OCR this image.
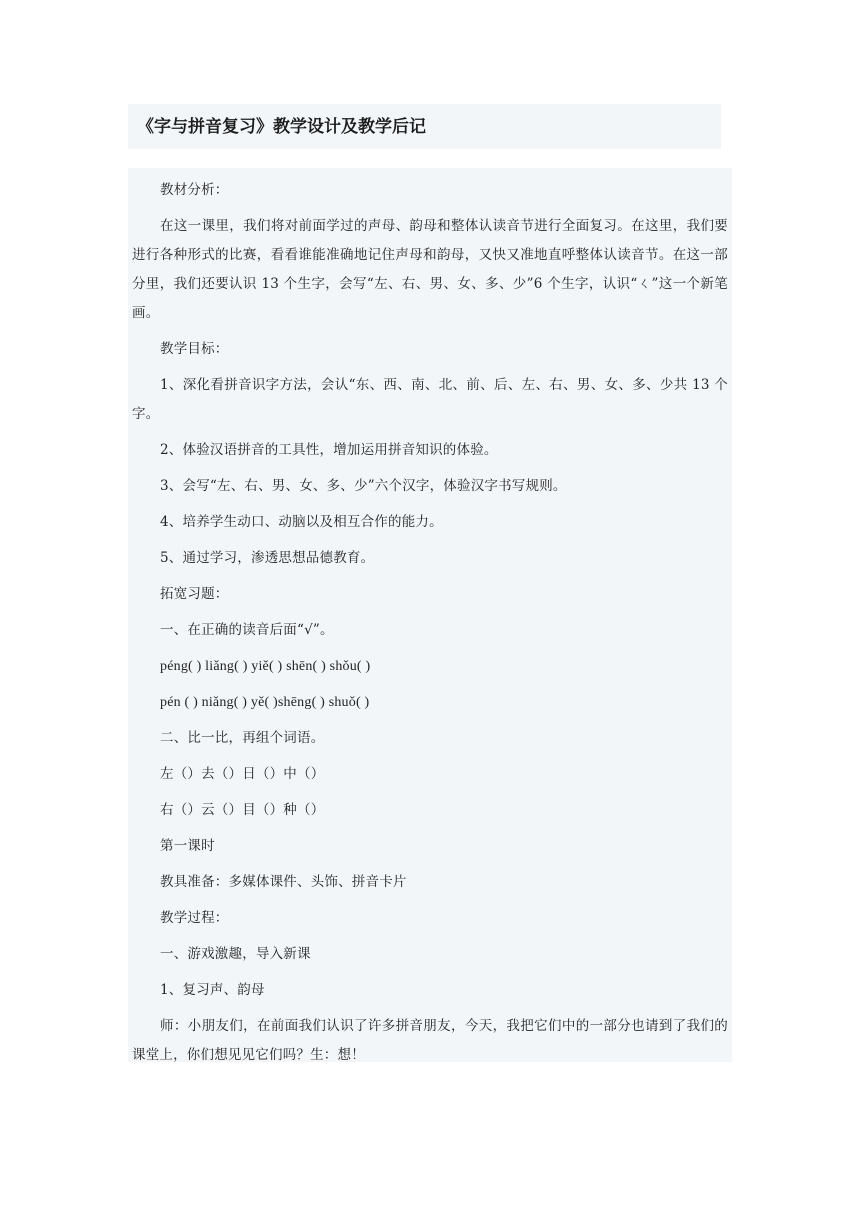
《字与拼音复习》教学设计及教学后记

教材分析：

在这一课里，我们将对前面学过的声母、韵母和整体认读音节进行全面复习。在这里，我们要进行各种形式的比赛，看看谁能准确地记住声母和韵母，又快又准地直呼整体认读音节。在这一部分里，我们还要认识 13 个生字，会写“左、右、男、女、多、少”6 个生字，认识“ㄑ”这一个新笔画。

教学目标：

1、深化看拼音识字方法，会认“东、西、南、北、前、后、左、右、男、女、多、少共 13 个字。

2、体验汉语拼音的工具性，增加运用拼音知识的体验。

3、会写“左、右、男、女、多、少”六个汉字，体验汉字书写规则。

4、培养学生动口、动脑以及相互合作的能力。

5、通过学习，渗透思想品德教育。

拓宽习题：

一、在正确的读音后面“√”。

péng( ) liǎng( ) yiě( ) shēn( ) shǒu( )

pén ( ) niǎng( ) yě( )shēng( ) shuǒ( )

二、比一比，再组个词语。

左（）去（）日（）中（）

右（）云（）目（）种（）

第一课时

教具准备：多媒体课件、头饰、拼音卡片

教学过程：

一、游戏激趣，导入新课

1、复习声、韵母

师：小朋友们，在前面我们认识了许多拼音朋友，今天，我把它们中的一部分也请到了我们的课堂上，你们想见见它们吗？生：想！
